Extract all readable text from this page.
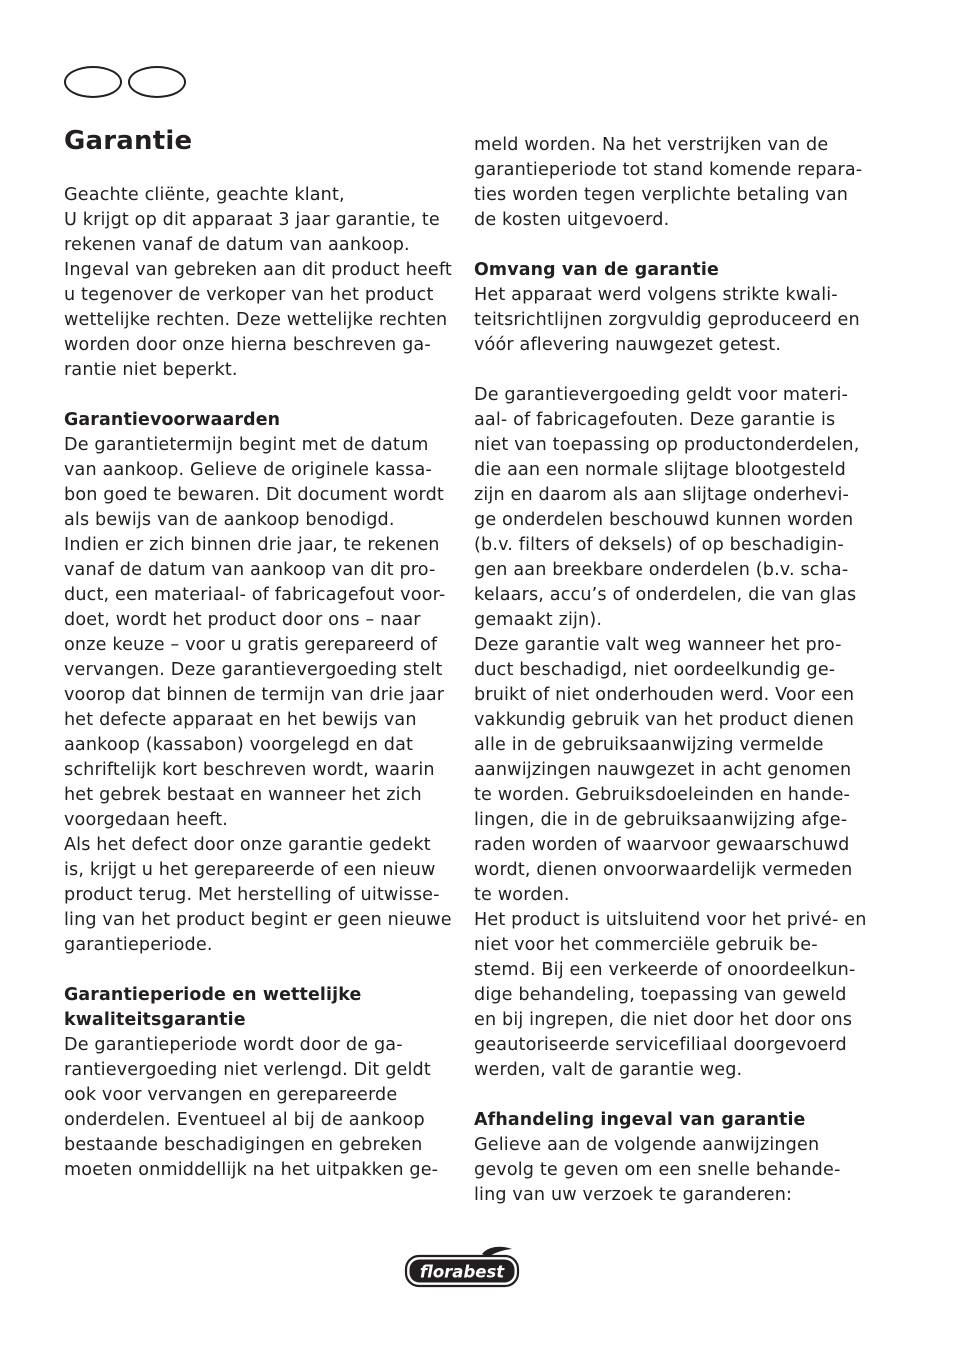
Garantie
Geachte cliënte, geachte klant,
U krijgt op dit apparaat 3 jaar garantie, te
rekenen vanaf de datum van aankoop.
Ingeval van gebreken aan dit product heeft
u tegenover de verkoper van het product
wettelijke rechten. Deze wettelijke rechten
worden door onze hierna beschreven ga-
rantie niet beperkt.
Garantievoorwaarden
De garantietermijn begint met de datum
van aankoop. Gelieve de originele kassa-
bon goed te bewaren. Dit document wordt
als bewijs van de aankoop benodigd.
Indien er zich binnen drie jaar, te rekenen
vanaf de datum van aankoop van dit pro-
duct, een materiaal- of fabricagefout voor-
doet, wordt het product door ons – naar
onze keuze – voor u gratis gerepareerd of
vervangen. Deze garantievergoeding stelt
voorop dat binnen de termijn van drie jaar
het defecte apparaat en het bewijs van
aankoop (kassabon) voorgelegd en dat
schriftelijk kort beschreven wordt, waarin
het gebrek bestaat en wanneer het zich
voorgedaan heeft.
Als het defect door onze garantie gedekt
is, krijgt u het gerepareerde of een nieuw
product terug. Met herstelling of uitwisse-
ling van het product begint er geen nieuwe
garantieperiode.
Garantieperiode en wettelijke
kwaliteitsgarantie
De garantieperiode wordt door de ga-
rantievergoeding niet verlengd. Dit geldt
ook voor vervangen en gerepareerde
onderdelen. Eventueel al bij de aankoop
bestaande beschadigingen en gebreken
moeten onmiddellijk na het uitpakken ge-
meld worden. Na het verstrijken van de
garantieperiode tot stand komende repara-
ties worden tegen verplichte betaling van
de kosten uitgevoerd.
Omvang van de garantie
Het apparaat werd volgens strikte kwali-
teitsrichtlijnen zorgvuldig geproduceerd en
vóór aflevering nauwgezet getest.
De garantievergoeding geldt voor materi-
aal- of fabricagefouten. Deze garantie is
niet van toepassing op productonderdelen,
die aan een normale slijtage blootgesteld
zijn en daarom als aan slijtage onderhevi-
ge onderdelen beschouwd kunnen worden
(b.v. filters of deksels) of op beschadigin-
gen aan breekbare onderdelen (b.v. scha-
kelaars, accu’s of onderdelen, die van glas
gemaakt zijn).
Deze garantie valt weg wanneer het pro-
duct beschadigd, niet oordeelkundig ge-
bruikt of niet onderhouden werd. Voor een
vakkundig gebruik van het product dienen
alle in de gebruiksaanwijzing vermelde
aanwijzingen nauwgezet in acht genomen
te worden. Gebruiksdoeleinden en hande-
lingen, die in de gebruiksaanwijzing afge-
raden worden of waarvoor gewaarschuwd
wordt, dienen onvoorwaardelijk vermeden
te worden.
Het product is uitsluitend voor het privé- en
niet voor het commerciële gebruik be-
stemd. Bij een verkeerde of onoordeelkun-
dige behandeling, toepassing van geweld
en bij ingrepen, die niet door het door ons
geautoriseerde servicefiliaal doorgevoerd
werden, valt de garantie weg.
Afhandeling ingeval van garantie
Gelieve aan de volgende aanwijzingen
gevolg te geven om een snelle behande-
ling van uw verzoek te garanderen:
florabest
